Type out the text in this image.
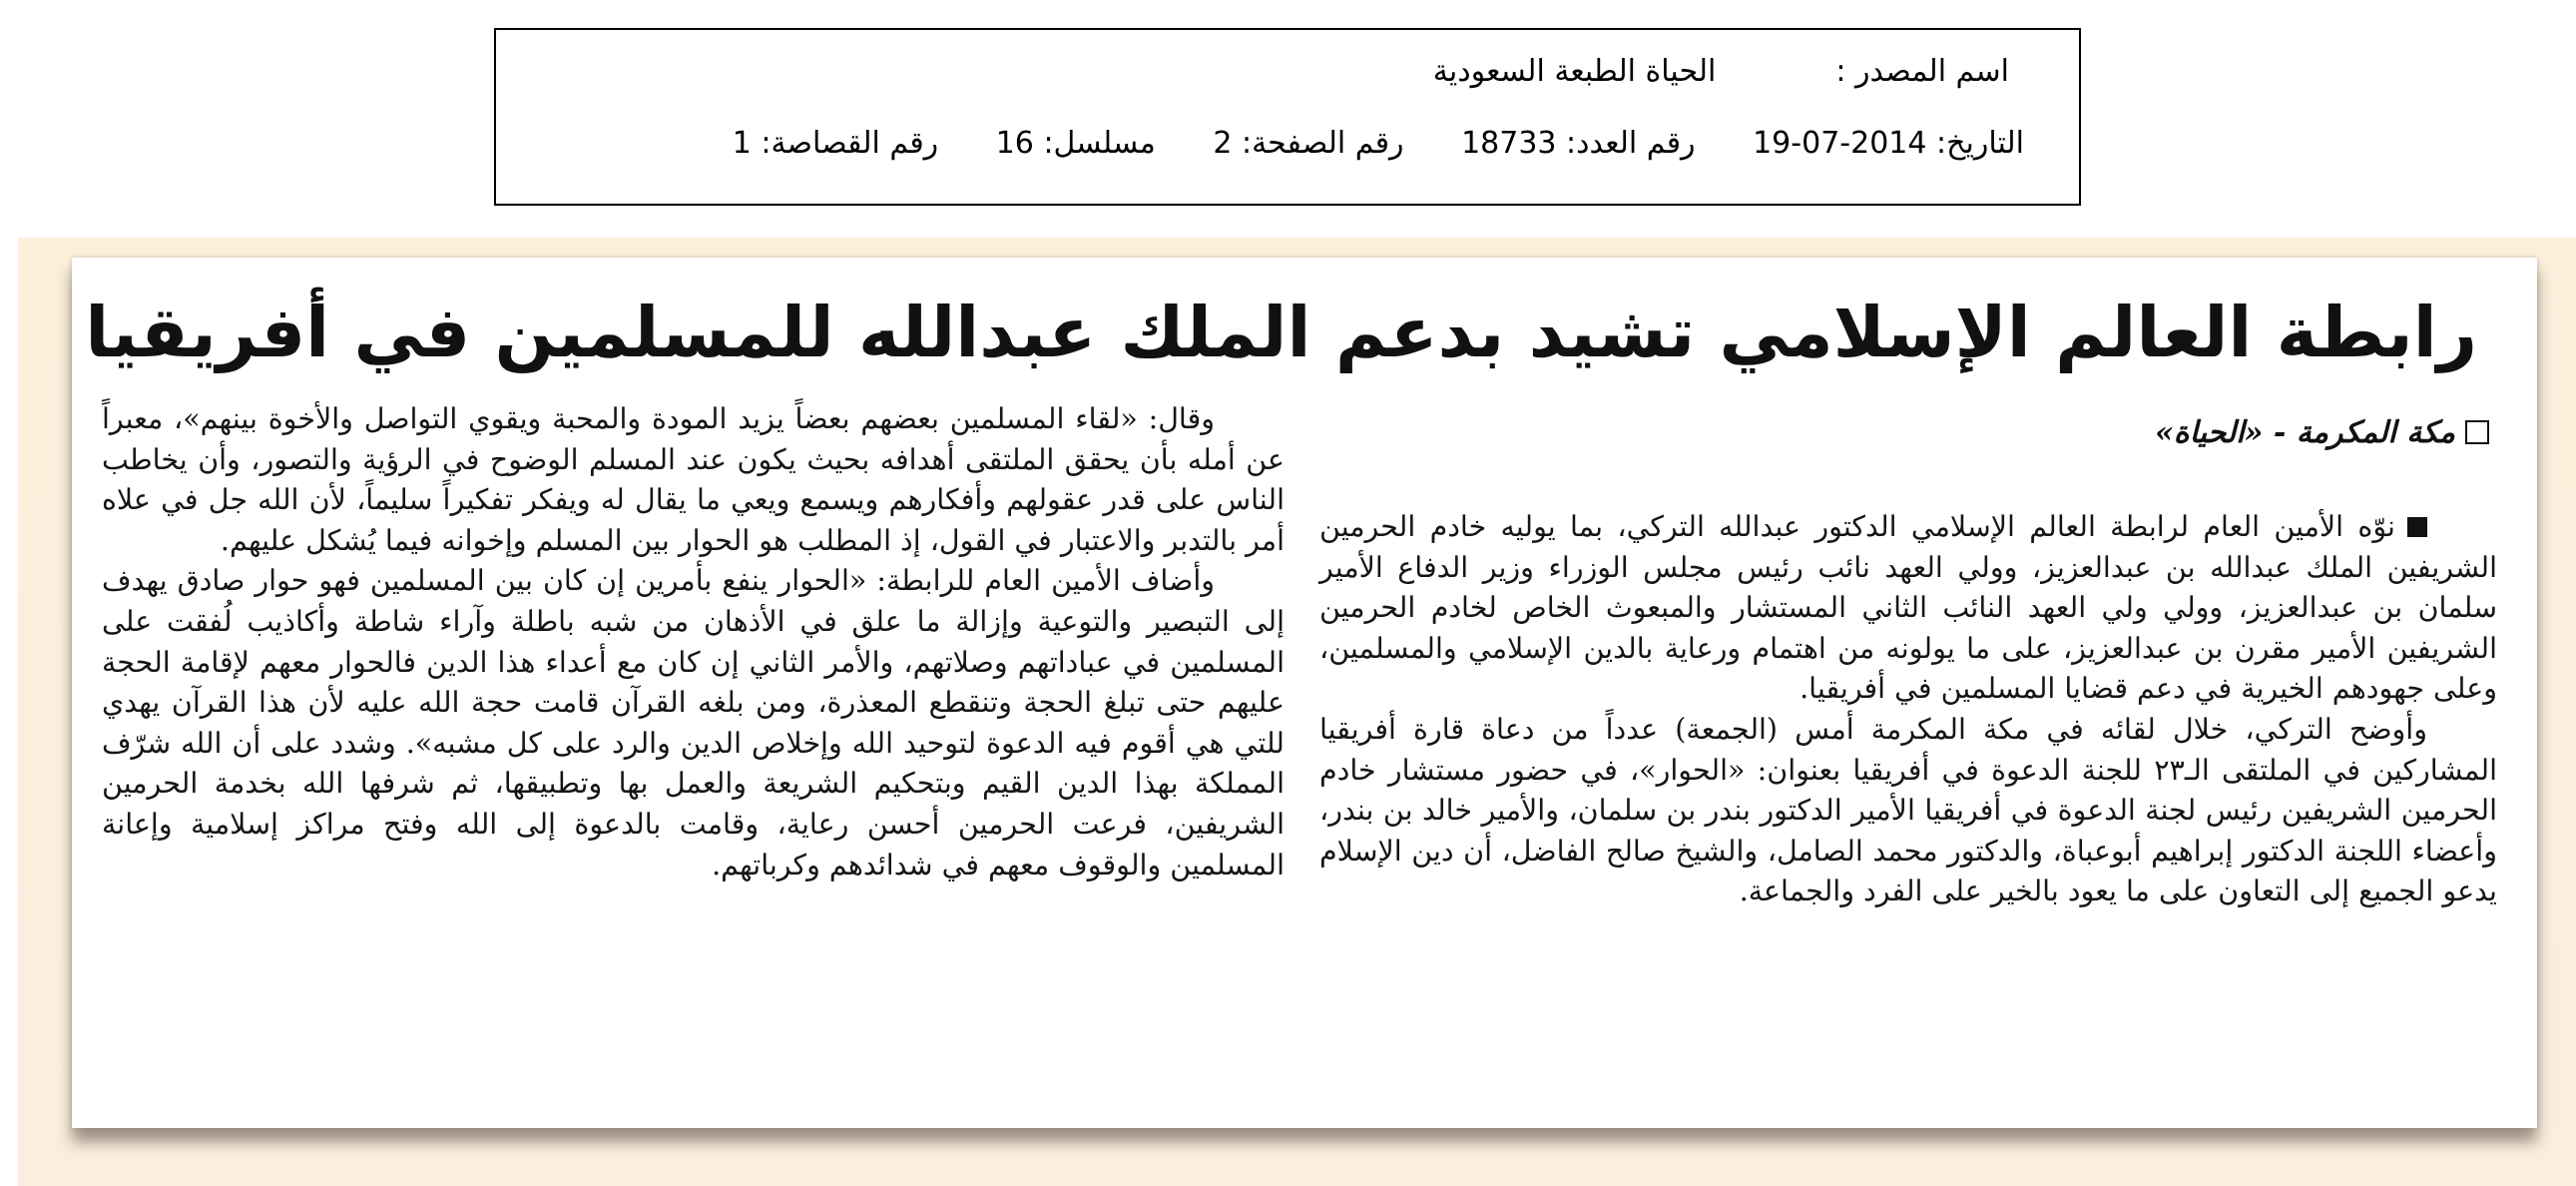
اسم المصدر :الحياة الطبعة السعودية
التاريخ: 2014-07-19 رقم العدد: 18733 رقم الصفحة: 2 مسلسل: 16 رقم القصاصة: 1
رابطة العالم الإسلامي تشيد بدعم الملك عبدالله للمسلمين في أفريقيا
مكة المكرمة - «الحياة»

نوّه الأمين العام لرابطة العالم الإسلامي الدكتور عبدالله التركي، بما يوليه خادم الحرمين الشريفين الملك عبدالله بن عبدالعزيز، وولي العهد نائب رئيس مجلس الوزراء وزير الدفاع الأمير سلمان بن عبدالعزيز، وولي ولي العهد النائب الثاني المستشار والمبعوث الخاص لخادم الحرمين الشريفين الأمير مقرن بن عبدالعزيز، على ما يولونه من اهتمام ورعاية بالدين الإسلامي والمسلمين، وعلى جهودهم الخيرية في دعم قضايا المسلمين في أفريقيا.

وأوضح التركي، خلال لقائه في مكة المكرمة أمس (الجمعة) عدداً من دعاة قارة أفريقيا المشاركين في الملتقى الـ٢٣ للجنة الدعوة في أفريقيا بعنوان: «الحوار»، في حضور مستشار خادم الحرمين الشريفين رئيس لجنة الدعوة في أفريقيا الأمير الدكتور بندر بن سلمان، والأمير خالد بن بندر، وأعضاء اللجنة الدكتور إبراهيم أبوعباة، والدكتور محمد الصامل، والشيخ صالح الفاضل، أن دين الإسلام يدعو الجميع إلى التعاون على ما يعود بالخير على الفرد والجماعة.

وقال: «لقاء المسلمين بعضهم بعضاً يزيد المودة والمحبة ويقوي التواصل والأخوة بينهم»، معبراً عن أمله بأن يحقق الملتقى أهدافه بحيث يكون عند المسلم الوضوح في الرؤية والتصور، وأن يخاطب الناس على قدر عقولهم وأفكارهم ويسمع ويعي ما يقال له ويفكر تفكيراً سليماً، لأن الله جل في علاه أمر بالتدبر والاعتبار في القول، إذ المطلب هو الحوار بين المسلم وإخوانه فيما يُشكل عليهم.

وأضاف الأمين العام للرابطة: «الحوار ينفع بأمرين إن كان بين المسلمين فهو حوار صادق يهدف إلى التبصير والتوعية وإزالة ما علق في الأذهان من شبه باطلة وآراء شاطة وأكاذيب لُفقت على المسلمين في عباداتهم وصلاتهم، والأمر الثاني إن كان مع أعداء هذا الدين فالحوار معهم لإقامة الحجة عليهم حتى تبلغ الحجة وتنقطع المعذرة، ومن بلغه القرآن قامت حجة الله عليه لأن هذا القرآن يهدي للتي هي أقوم فيه الدعوة لتوحيد الله وإخلاص الدين والرد على كل مشبه». وشدد على أن الله شرّف المملكة بهذا الدين القيم وبتحكيم الشريعة والعمل بها وتطبيقها، ثم شرفها الله بخدمة الحرمين الشريفين، فرعت الحرمين أحسن رعاية، وقامت بالدعوة إلى الله وفتح مراكز إسلامية وإعانة المسلمين والوقوف معهم في شدائدهم وكرباتهم.
